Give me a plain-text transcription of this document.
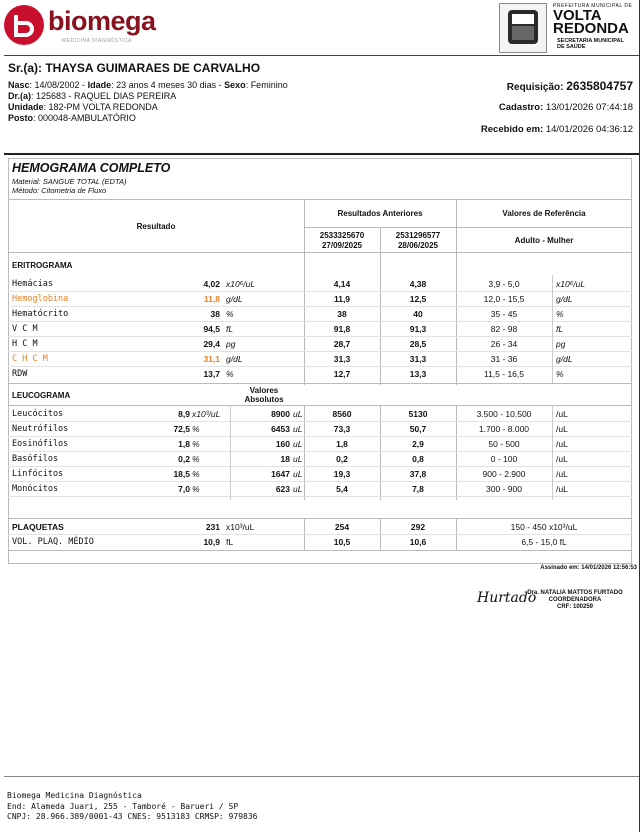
biomega
MEDICINA DIAGNÓSTICA
PREFEITURA MUNICIPAL DE
VOLTA
REDONDA
SECRETARIA MUNICIPAL
DE SAÚDE
Sr.(a): THAYSA GUIMARAES DE CARVALHO
Nasc: 14/08/2002 - Idade: 23 anos 4 meses 30 dias - Sexo: Feminino
Dr.(a): 125683 - RAQUEL DIAS PEREIRA
Unidade: 182-PM VOLTA REDONDA
Posto: 000048-AMBULATÓRIO
Requisição: 2635804757
Cadastro: 13/01/2026 07:44:18
Recebido em: 14/01/2026 04:36:12
HEMOGRAMA COMPLETO
Material: SANGUE TOTAL (EDTA)
Método: Citometria de Fluxo
Resultado
Resultados Anteriores	Valores de Referência
2533325670
27/09/2025
2531296577
28/06/2025
Adulto - Mulher
ERITROGRAMA
Hemácias	4,02 x10⁶/uL	4,14	4,38	3,9 - 5,0	x10⁶/uL
Hemoglobina	11,8 g/dL	11,9	12,5	12,0 - 15,5	g/dL
Hematócrito	38 %	38	40	35 - 45	%
V C M	94,5 fL	91,8	91,3	82 - 98	fL
H C M	29,4 pg	28,7	28,5	26 - 34	pg
C H C M	31,1 g/dL	31,3	31,3	31 - 36	g/dL
RDW	13,7 %	12,7	13,3	11,5 - 16,5	%
LEUCOGRAMA
Valores
Absolutos
Leucócitos	8,9 x10³/uL	8900 uL	8560	5130	3.500 - 10.500	/uL
Neutrófilos	72,5 %	6453 uL	73,3	50,7	1.700 - 8.000	/uL
Eosinófilos	1,8 %	160 uL	1,8	2,9	50 - 500	/uL
Basófilos	0,2 %	18 uL	0,2	0,8	0 - 100	/uL
Linfócitos	18,5 %	1647 uL	19,3	37,8	900 - 2.900	/uL
Monócitos	7,0 %	623 uL	5,4	7,8	300 - 900	/uL
PLAQUETAS	231 x10³/uL	254	292	150 - 450 x10³/uL
VOL. PLAQ. MÉDIO	10,9 fL	10,5	10,6	6,5 - 15,0 fL
Assinado em: 14/01/2026 12:56:53
Hurtado
Dra. NATALIA MATTOS FURTADO
COORDENADORA
CRF: 100259
Biomega Medicina Diagnóstica
End: Alameda Juari, 255 - Tamboré - Barueri / SP
CNPJ: 28.966.389/0001-43 CNES: 9513183 CRMSP: 979836
